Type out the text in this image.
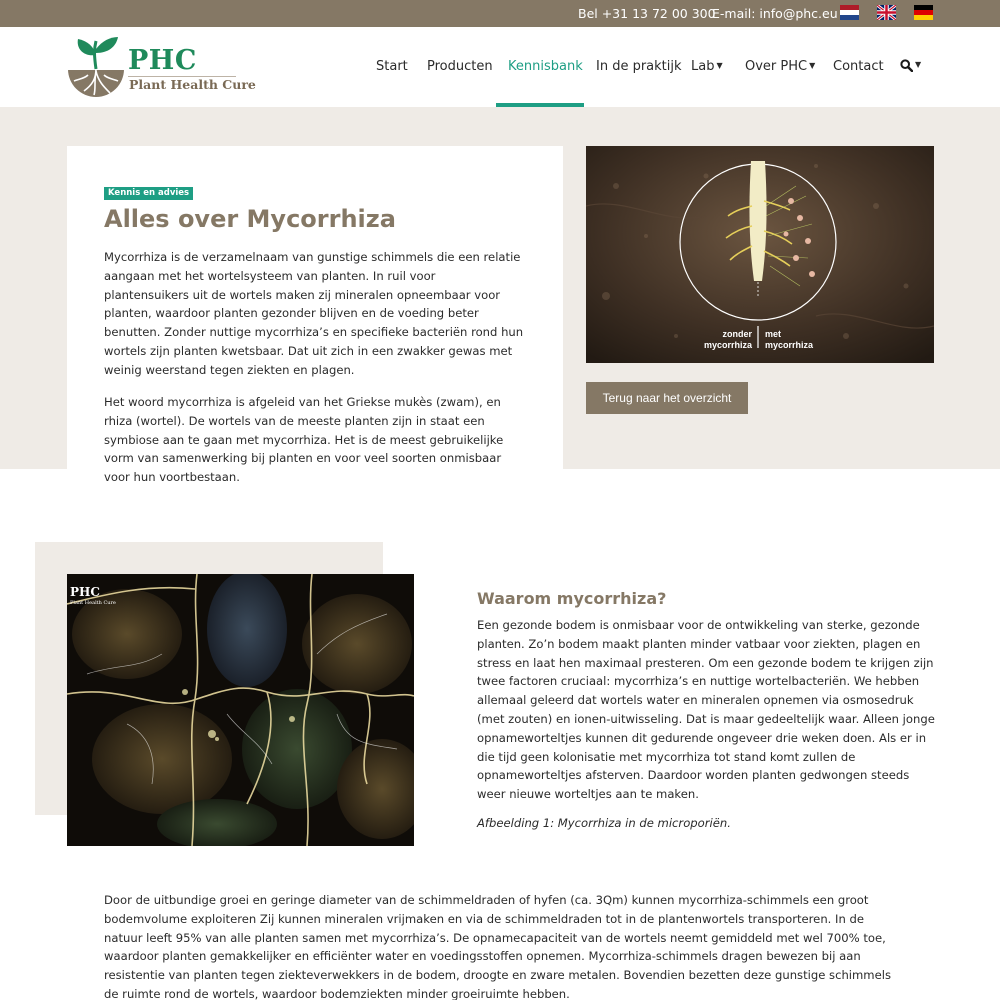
Bel +31 13 72 00 300
E-mail: info@phc.eu
PHC
Plant Health Cure
Start Producten Kennisbank In de praktijk Lab ▼ Over PHC ▼ Contact	▼
Kennis en advies
Alles over Mycorrhiza

Mycorrhiza is de verzamelnaam van gunstige schimmels die een relatie aangaan met het wortelsysteem van planten. In ruil voor plantensuikers uit de wortels maken zij mineralen opneembaar voor planten, waardoor planten gezonder blijven en de voeding beter benutten. Zonder nuttige mycorrhiza’s en specifieke bacteriën rond hun wortels zijn planten kwetsbaar. Dat uit zich in een zwakker gewas met weinig weerstand tegen ziekten en plagen.

Het woord mycorrhiza is afgeleid van het Griekse mukès (zwam), en rhiza (wortel). De wortels van de meeste planten zijn in staat een symbiose aan te gaan met mycorrhiza. Het is de meest gebruikelijke vorm van samenwerking bij planten en voor veel soorten onmisbaar voor hun voortbestaan.

zonder
mycorrhiza
met
mycorrhiza
Terug naar het overzicht
PHC
Plant Health Cure	Waarom mycorrhiza?

Een gezonde bodem is onmisbaar voor de ontwikkeling van sterke, gezonde planten. Zo’n bodem maakt planten minder vatbaar voor ziekten, plagen en stress en laat hen maximaal presteren. Om een gezonde bodem te krijgen zijn twee factoren cruciaal: mycorrhiza’s en nuttige wortelbacteriën. We hebben allemaal geleerd dat wortels water en mineralen opnemen via osmosedruk (met zouten) en ionen-uitwisseling. Dat is maar gedeeltelijk waar. Alleen jonge opnameworteltjes kunnen dit gedurende ongeveer drie weken doen. Als er in die tijd geen kolonisatie met mycorrhiza tot stand komt zullen de opnameworteltjes afsterven. Daardoor worden planten gedwongen steeds weer nieuwe worteltjes aan te maken.

Afbeelding 1: Mycorrhiza in de microporiën.

Door de uitbundige groei en geringe diameter van de schimmeldraden of hyfen (ca. 3Qm) kunnen mycorrhiza-schimmels een groot bodemvolume exploiteren Zij kunnen mineralen vrijmaken en via de schimmeldraden tot in de plantenwortels transporteren. In de natuur leeft 95% van alle planten samen met mycorrhiza’s. De opnamecapaciteit van de wortels neemt gemiddeld met wel 700% toe, waardoor planten gemakkelijker en efficiënter water en voedingsstoffen opnemen. Mycorrhiza-schimmels dragen bewezen bij aan resistentie van planten tegen ziekteverwekkers in de bodem, droogte en zware metalen. Bovendien bezetten deze gunstige schimmels de ruimte rond de wortels, waardoor bodemziekten minder groeiruimte hebben.
